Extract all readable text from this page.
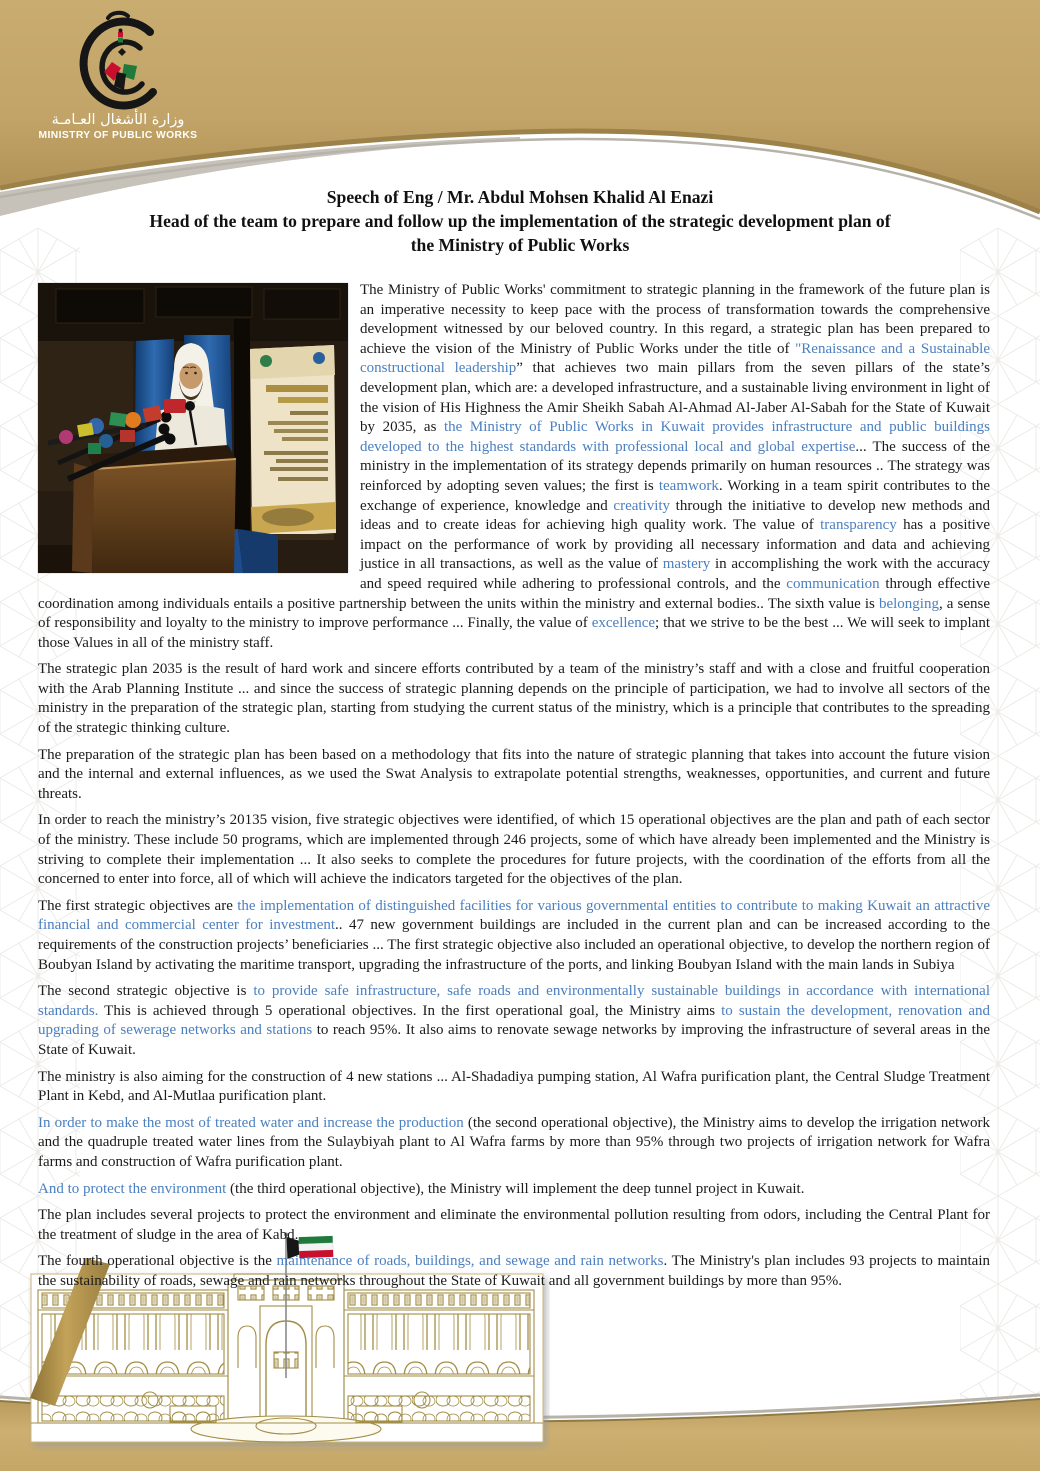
وزارة الأشغال العـامـة
MINISTRY OF PUBLIC WORKS
Speech of Eng / Mr. Abdul Mohsen Khalid Al Enazi
Head of the team to prepare and follow up the implementation of the strategic development plan of
the Ministry of Public Works

The Ministry of Public Works' commitment to strategic planning in the framework of the future plan is an imperative necessity to keep pace with the process of transformation towards the comprehensive development witnessed by our beloved country. In this regard, a strategic plan has been prepared to achieve the vision of the Ministry of Public Works under the title of "Renaissance and a Sustainable constructional leadership” that achieves two main pillars from the seven pillars of the state’s development plan, which are: a developed infrastructure, and a sustainable living environment in light of the vision of His Highness the Amir Sheikh Sabah Al-Ahmad Al-Jaber Al-Sabah for the State of Kuwait by 2035, as the Ministry of Public Works in Kuwait provides infrastructure and public buildings developed to the highest standards with professional local and global expertise... The success of the ministry in the implementation of its strategy depends primarily on human resources .. The strategy was reinforced by adopting seven values; the first is teamwork. Working in a team spirit contributes to the exchange of experience, knowledge and creativity through the initiative to develop new methods and ideas and to create ideas for achieving high quality work. The value of transparency has a positive impact on the performance of work by providing all necessary information and data and achieving justice in all transactions, as well as the value of mastery in accomplishing the work with the accuracy and speed required while adhering to professional controls, and the communication through effective coordination among individuals entails a positive partnership between the units within the ministry and external bodies.. The sixth value is belonging, a sense of responsibility and loyalty to the ministry to improve performance ... Finally, the value of excellence; that we strive to be the best ... We will seek to implant those Values in all of the ministry staff.

The strategic plan 2035 is the result of hard work and sincere efforts contributed by a team of the ministry’s staff and with a close and fruitful cooperation with the Arab Planning Institute ... and since the success of strategic planning depends on the principle of participation, we had to involve all sectors of the ministry in the preparation of the strategic plan, starting from studying the current status of the ministry, which is a principle that contributes to the spreading of the strategic thinking culture.

The preparation of the strategic plan has been based on a methodology that fits into the nature of strategic planning that takes into account the future vision and the internal and external influences, as we used the Swat Analysis to extrapolate potential strengths, weaknesses, opportunities, and current and future threats.

In order to reach the ministry’s 20135 vision, five strategic objectives were identified, of which 15 operational objectives are the plan and path of each sector of the ministry. These include 50 programs, which are implemented through 246 projects, some of which have already been implemented and the Ministry is striving to complete their implementation ... It also seeks to complete the procedures for future projects, with the coordination of the efforts from all the concerned to enter into force, all of which will achieve the indicators targeted for the objectives of the plan.

The first strategic objectives are the implementation of distinguished facilities for various governmental entities to contribute to making Kuwait an attractive financial and commercial center for investment.. 47 new government buildings are included in the current plan and can be increased according to the requirements of the construction projects’ beneficiaries ... The first strategic objective also included an operational objective, to develop the northern region of Boubyan Island by activating the maritime transport, upgrading the infrastructure of the ports, and linking Boubyan Island with the main lands in Subiya

The second strategic objective is to provide safe infrastructure, safe roads and environmentally sustainable buildings in accordance with international standards. This is achieved through 5 operational objectives. In the first operational goal, the Ministry aims to sustain the development, renovation and upgrading of sewerage networks and stations to reach 95%. It also aims to renovate sewage networks by improving the infrastructure of several areas in the State of Kuwait.

The ministry is also aiming for the construction of 4 new stations ... Al-Shadadiya pumping station, Al Wafra purification plant, the Central Sludge Treatment Plant in Kebd, and Al-Mutlaa purification plant.

In order to make the most of treated water and increase the production (the second operational objective), the Ministry aims to develop the irrigation network and the quadruple treated water lines from the Sulaybiyah plant to Al Wafra farms by more than 95% through two projects of irrigation network for Wafra farms and construction of Wafra purification plant.

And to protect the environment (the third operational objective), the Ministry will implement the deep tunnel project in Kuwait.

The plan includes several projects to protect the environment and eliminate the environmental pollution resulting from odors, including the Central Plant for the treatment of sludge in the area of Kabd.

The fourth operational objective is the maintenance of roads, buildings, and sewage and rain networks. The Ministry's plan includes 93 projects to maintain the sustainability of roads, sewage and rain networks throughout the State of Kuwait and all government buildings by more than 95%.
